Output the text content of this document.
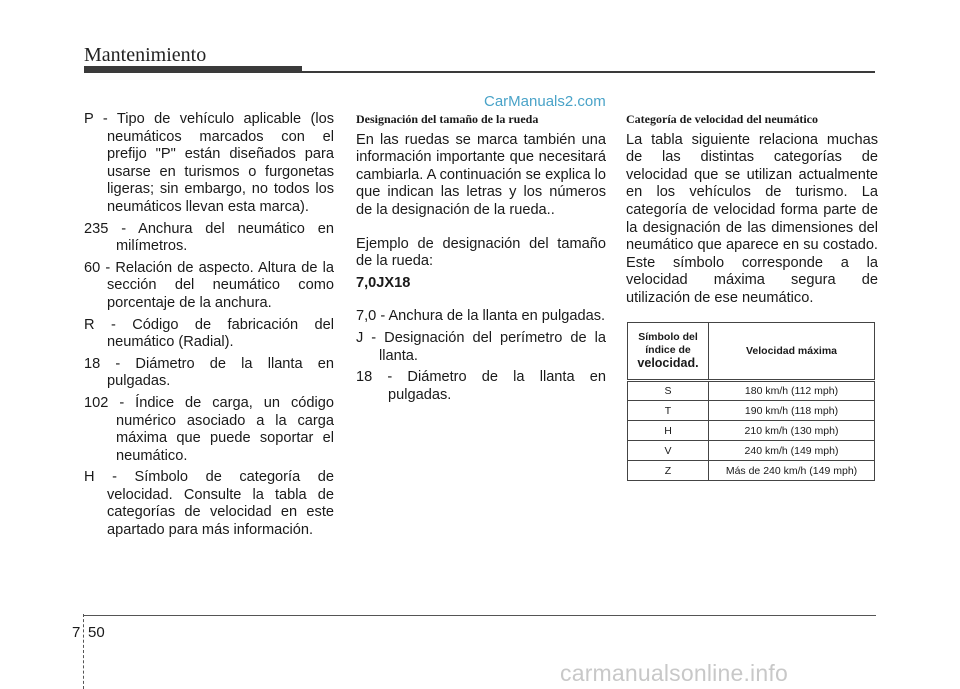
Mantenimiento
CarManuals2.com
P - Tipo de vehículo aplicable (los neumáticos marcados con el prefijo "P" están diseñados para usarse en turismos o furgonetas ligeras; sin embargo, no todos los neumáticos llevan esta marca).
235 - Anchura del neumático en milímetros.
60 - Relación de aspecto. Altura de la sección del neumático como porcentaje de la anchura.
R - Código de fabricación del neumático (Radial).
18 - Diámetro de la llanta en pulgadas.
102 - Índice de carga, un código numérico asociado a la carga máxima que puede soportar el neumático.
H - Símbolo de categoría de velocidad. Consulte la tabla de categorías de velocidad en este apartado para más información.
Designación del tamaño de la rueda
En las ruedas se marca también una información importante que necesitará cambiarla. A continuación se explica lo que indican las letras y los números de la designación de la rueda..
Ejemplo de designación del tamaño de la rueda:
7,0JX18
7,0 - Anchura de la llanta en pulgadas.
J - Designación del perímetro de la llanta.
18 - Diámetro de la llanta en pulgadas.
Categoría de velocidad del neumático
La tabla siguiente relaciona muchas de las distintas categorías de velocidad que se utilizan actualmente en los vehículos de turismo. La categoría de velocidad forma parte de la designación de las dimensiones del neumático que aparece en su costado. Este símbolo corresponde a la velocidad máxima segura de utilización de ese neumático.
Símbolo del
índice de
velocidad.	Velocidad máxima
S	180 km/h (112 mph)
T	190 km/h (118 mph)
H	210 km/h (130 mph)
V	240 km/h (149 mph)
Z	Más de 240 km/h (149 mph)
7 50
carmanualsonline.info
